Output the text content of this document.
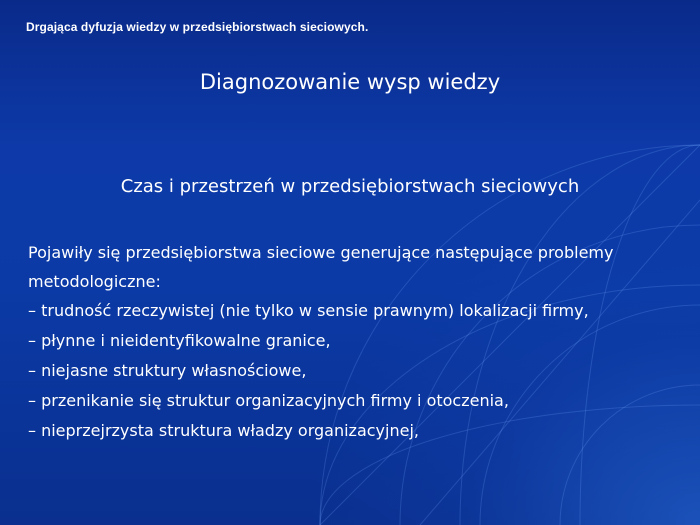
Drgająca dyfuzja wiedzy w przedsiębiorstwach sieciowych.
Diagnozowanie wysp wiedzy
Czas i przestrzeń w przedsiębiorstwach sieciowych
Pojawiły się przedsiębiorstwa sieciowe generujące następujące problemy metodologiczne:
– trudność rzeczywistej (nie tylko w sensie prawnym) lokalizacji firmy,
– płynne i nieidentyfikowalne granice,
– niejasne struktury własnościowe,
– przenikanie się struktur organizacyjnych firmy i otoczenia,
– nieprzejrzysta struktura władzy organizacyjnej,
